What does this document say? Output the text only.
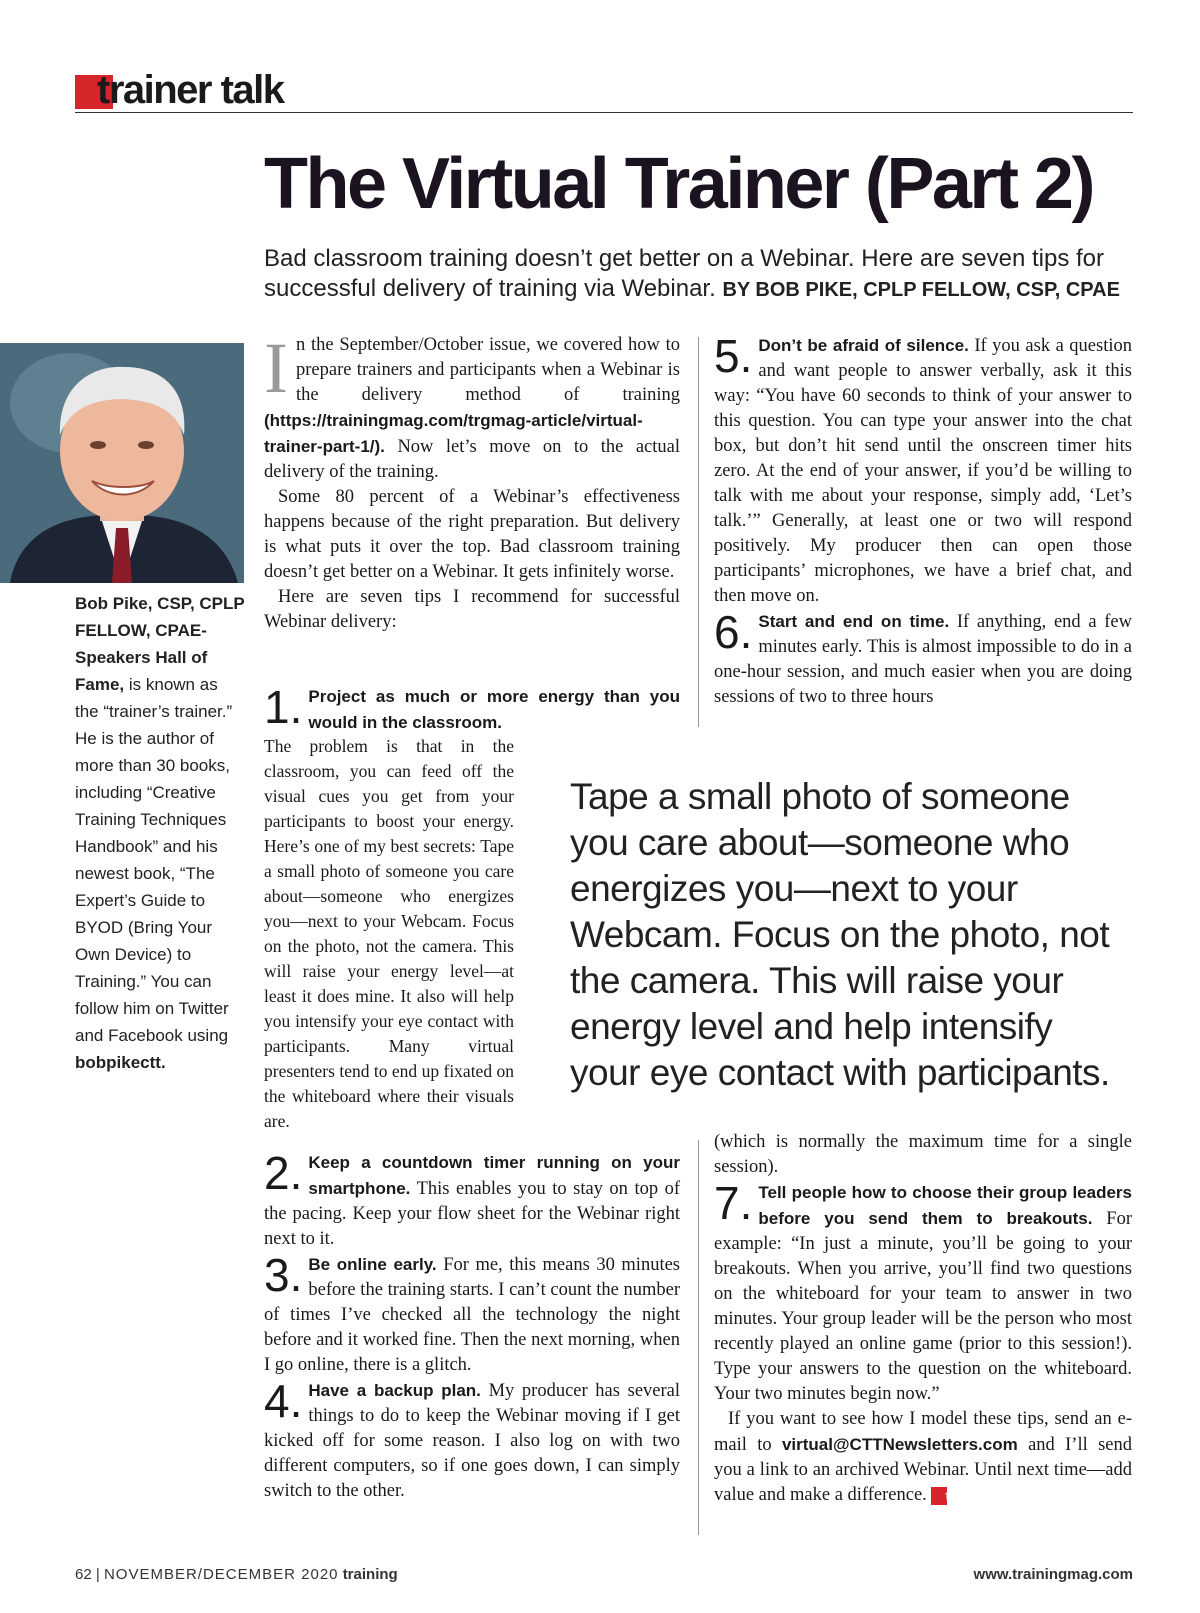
trainer talk
The Virtual Trainer (Part 2)
Bad classroom training doesn’t get better on a Webinar. Here are seven tips for successful delivery of training via Webinar. BY BOB PIKE, CPLP FELLOW, CSP, CPAE
Bob Pike, CSP, CPLP FELLOW, CPAE-Speakers Hall of Fame, is known as the “trainer’s trainer.” He is the author of more than 30 books, including “Creative Training Techniques Handbook” and his newest book, “The Expert’s Guide to BYOD (Bring Your Own Device) to Training.” You can follow him on Twitter and Facebook using bobpikectt.

I n the September/October issue, we covered how to prepare trainers and participants when a Webinar is the delivery method of training (https://trainingmag.com/trgmag-article/virtual-trainer-part-1/). Now let’s move on to the actual delivery of the training.

Some 80 percent of a Webinar’s effectiveness happens because of the right preparation. But delivery is what puts it over the top. Bad classroom training doesn’t get better on a Webinar. It gets infinitely worse.

Here are seven tips I recommend for successful Webinar delivery:

1. Project as much or more energy than you would in the classroom.

The problem is that in the classroom, you can feed off the visual cues you get from your participants to boost your energy. Here’s one of my best secrets: Tape a small photo of someone you care about—someone who energizes you—next to your Webcam. Focus on the photo, not the camera. This will raise your energy level—at least it does mine. It also will help you intensify your eye contact with participants. Many virtual presenters tend to end up fixated on the whiteboard where their visuals are.

Tape a small photo of someone you care about—someone who energizes you—next to your Webcam. Focus on the photo, not the camera. This will raise your energy level and help intensify your eye contact with participants.

2. Keep a countdown timer running on your smartphone. This enables you to stay on top of the pacing. Keep your flow sheet for the Webinar right next to it.

3. Be online early. For me, this means 30 minutes before the training starts. I can’t count the number of times I’ve checked all the technology the night before and it worked fine. Then the next morning, when I go online, there is a glitch.

4. Have a backup plan. My producer has several things to do to keep the Webinar moving if I get kicked off for some reason. I also log on with two different computers, so if one goes down, I can simply switch to the other.

5. Don’t be afraid of silence. If you ask a question and want people to answer verbally, ask it this way: “You have 60 seconds to think of your answer to this question. You can type your answer into the chat box, but don’t hit send until the onscreen timer hits zero. At the end of your answer, if you’d be willing to talk with me about your response, simply add, ‘Let’s talk.’” Generally, at least one or two will respond positively. My producer then can open those participants’ microphones, we have a brief chat, and then move on.

6. Start and end on time. If anything, end a few minutes early. This is almost impossible to do in a one-hour session, and much easier when you are doing sessions of two to three hours

(which is normally the maximum time for a single session).

7. Tell people how to choose their group leaders before you send them to breakouts. For example: “In just a minute, you’ll be going to your breakouts. When you arrive, you’ll find two questions on the whiteboard for your team to answer in two minutes. Your group leader will be the person who most recently played an online game (prior to this session!). Type your answers to the question on the whiteboard. Your two minutes begin now.”

If you want to see how I model these tips, send an e-mail to virtual@CTTNewsletters.com and I’ll send you a link to an archived Webinar. Until next time—add value and make a difference. t

62 | NOVEMBER/DECEMBER 2020 training	www.trainingmag.com
